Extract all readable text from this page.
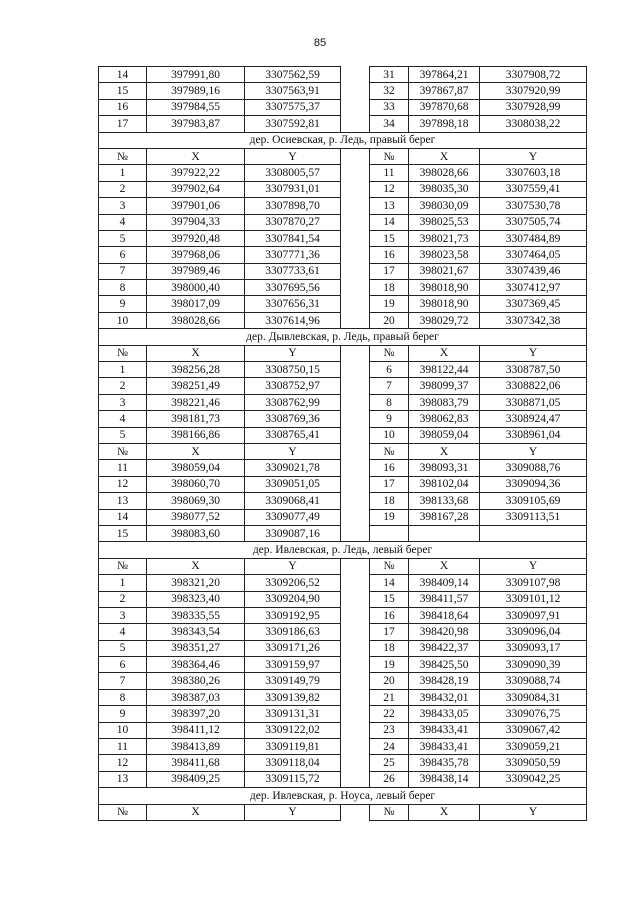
85
14	397991,80	3307562,59		31	397864,21	3307908,72
15	397989,16	3307563,91		32	397867,87	3307920,99
16	397984,55	3307575,37		33	397870,68	3307928,99
17	397983,87	3307592,81		34	397898,18	3308038,22
дер. Осиевская, р. Ледь, правый берег						
№	X	Y		№	X	Y
1	397922,22	3308005,57		11	398028,66	3307603,18
2	397902,64	3307931,01		12	398035,30	3307559,41
3	397901,06	3307898,70		13	398030,09	3307530,78
4	397904,33	3307870,27		14	398025,53	3307505,74
5	397920,48	3307841,54		15	398021,73	3307484,89
6	397968,06	3307771,36		16	398023,58	3307464,05
7	397989,46	3307733,61		17	398021,67	3307439,46
8	398000,40	3307695,56		18	398018,90	3307412,97
9	398017,09	3307656,31		19	398018,90	3307369,45
10	398028,66	3307614,96		20	398029,72	3307342,38
дер. Дывлевская, р. Ледь, правый берег						
№	X	Y		№	X	Y
1	398256,28	3308750,15		6	398122,44	3308787,50
2	398251,49	3308752,97		7	398099,37	3308822,06
3	398221,46	3308762,99		8	398083,79	3308871,05
4	398181,73	3308769,36		9	398062,83	3308924,47
5	398166,86	3308765,41		10	398059,04	3308961,04
№	X	Y		№	X	Y
11	398059,04	3309021,78		16	398093,31	3309088,76
12	398060,70	3309051,05		17	398102,04	3309094,36
13	398069,30	3309068,41		18	398133,68	3309105,69
14	398077,52	3309077,49		19	398167,28	3309113,51
15	398083,60	3309087,16				
дер. Ивлевская, р. Ледь, левый берег						
№	X	Y		№	X	Y
1	398321,20	3309206,52		14	398409,14	3309107,98
2	398323,40	3309204,90		15	398411,57	3309101,12
3	398335,55	3309192,95		16	398418,64	3309097,91
4	398343,54	3309186,63		17	398420,98	3309096,04
5	398351,27	3309171,26		18	398422,37	3309093,17
6	398364,46	3309159,97		19	398425,50	3309090,39
7	398380,26	3309149,79		20	398428,19	3309088,74
8	398387,03	3309139,82		21	398432,01	3309084,31
9	398397,20	3309131,31		22	398433,05	3309076,75
10	398411,12	3309122,02		23	398433,41	3309067,42
11	398413,89	3309119,81		24	398433,41	3309059,21
12	398411,68	3309118,04		25	398435,78	3309050,59
13	398409,25	3309115,72		26	398438,14	3309042,25
дер. Ивлевская, р. Ноуса, левый берег						
№	X	Y		№	X	Y
